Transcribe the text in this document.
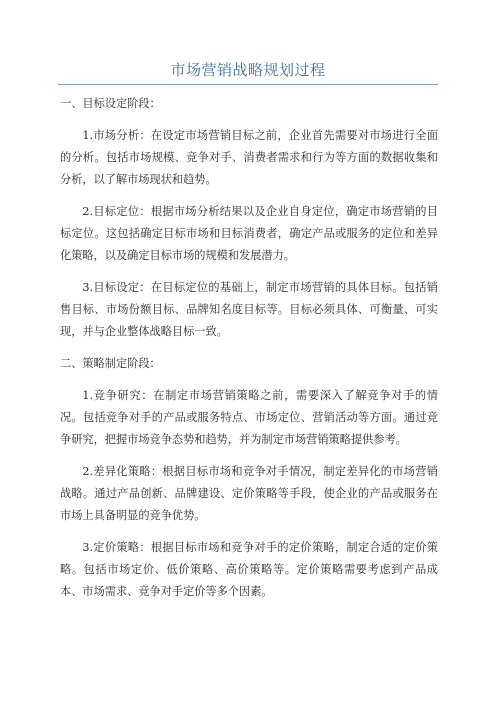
市场营销战略规划过程
一、目标设定阶段：

1.市场分析：在设定市场营销目标之前，企业首先需要对市场进行全面的分析。包括市场规模、竞争对手、消费者需求和行为等方面的数据收集和分析，以了解市场现状和趋势。

2.目标定位：根据市场分析结果以及企业自身定位，确定市场营销的目标定位。这包括确定目标市场和目标消费者，确定产品或服务的定位和差异化策略，以及确定目标市场的规模和发展潜力。

3.目标设定：在目标定位的基础上，制定市场营销的具体目标。包括销售目标、市场份额目标、品牌知名度目标等。目标必须具体、可衡量、可实现，并与企业整体战略目标一致。

二、策略制定阶段：

1.竞争研究：在制定市场营销策略之前，需要深入了解竞争对手的情况。包括竞争对手的产品或服务特点、市场定位、营销活动等方面。通过竞争研究，把握市场竞争态势和趋势，并为制定市场营销策略提供参考。

2.差异化策略：根据目标市场和竞争对手情况，制定差异化的市场营销战略。通过产品创新、品牌建设、定价策略等手段，使企业的产品或服务在市场上具备明显的竞争优势。

3.定价策略：根据目标市场和竞争对手的定价策略，制定合适的定价策略。包括市场定价、低价策略、高价策略等。定价策略需要考虑到产品成本、市场需求、竞争对手定价等多个因素。
